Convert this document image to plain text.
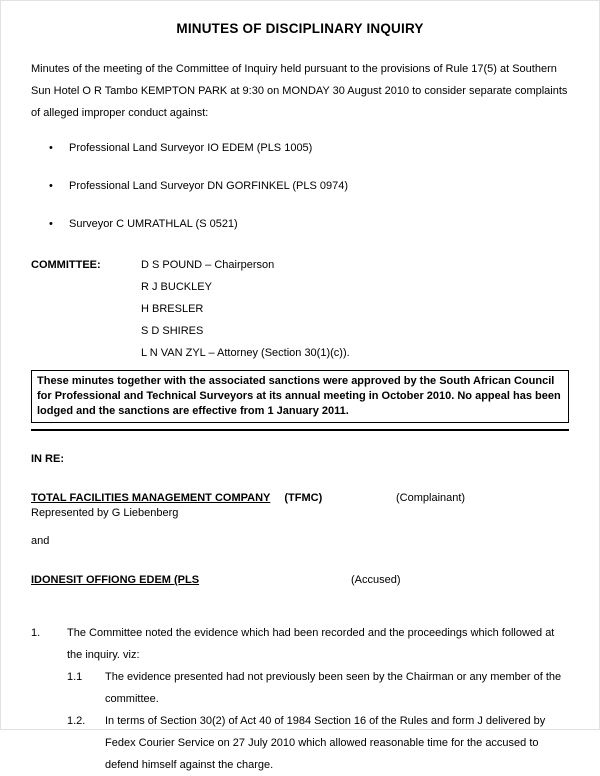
MINUTES OF DISCIPLINARY INQUIRY

Minutes of the meeting of the Committee of Inquiry held pursuant to the provisions of Rule 17(5) at Southern Sun Hotel O R Tambo KEMPTON PARK at 9:30 on MONDAY 30 August 2010 to consider separate complaints of alleged improper conduct against:

• Professional Land Surveyor IO EDEM (PLS 1005)
• Professional Land Surveyor DN GORFINKEL (PLS 0974)
• Surveyor C UMRATHLAL (S 0521)
COMMITTEE:	D S POUND – Chairperson
R J BUCKLEY
H BRESLER
S D SHIRES
L N VAN ZYL – Attorney (Section 30(1)(c)).
These minutes together with the associated sanctions were approved by the South African Council for Professional and Technical Surveyors at its annual meeting in October 2010. No appeal has been lodged and the sanctions are effective from 1 January 2011.

IN RE:

TOTAL FACILITIES MANAGEMENT COMPANY (TFMC)	(Complainant)

Represented by G Liebenberg

and

IDONESIT OFFIONG EDEM (PLS	(Accused)
1.	The Committee noted the evidence which had been recorded and the proceedings which followed at the inquiry. viz:
1.1	The evidence presented had not previously been seen by the Chairman or any member of the committee.
1.2.	In terms of Section 30(2) of Act 40 of 1984 Section 16 of the Rules and form J delivered by Fedex Courier Service on 27 July 2010 which allowed reasonable time for the accused to defend himself against the charge.
